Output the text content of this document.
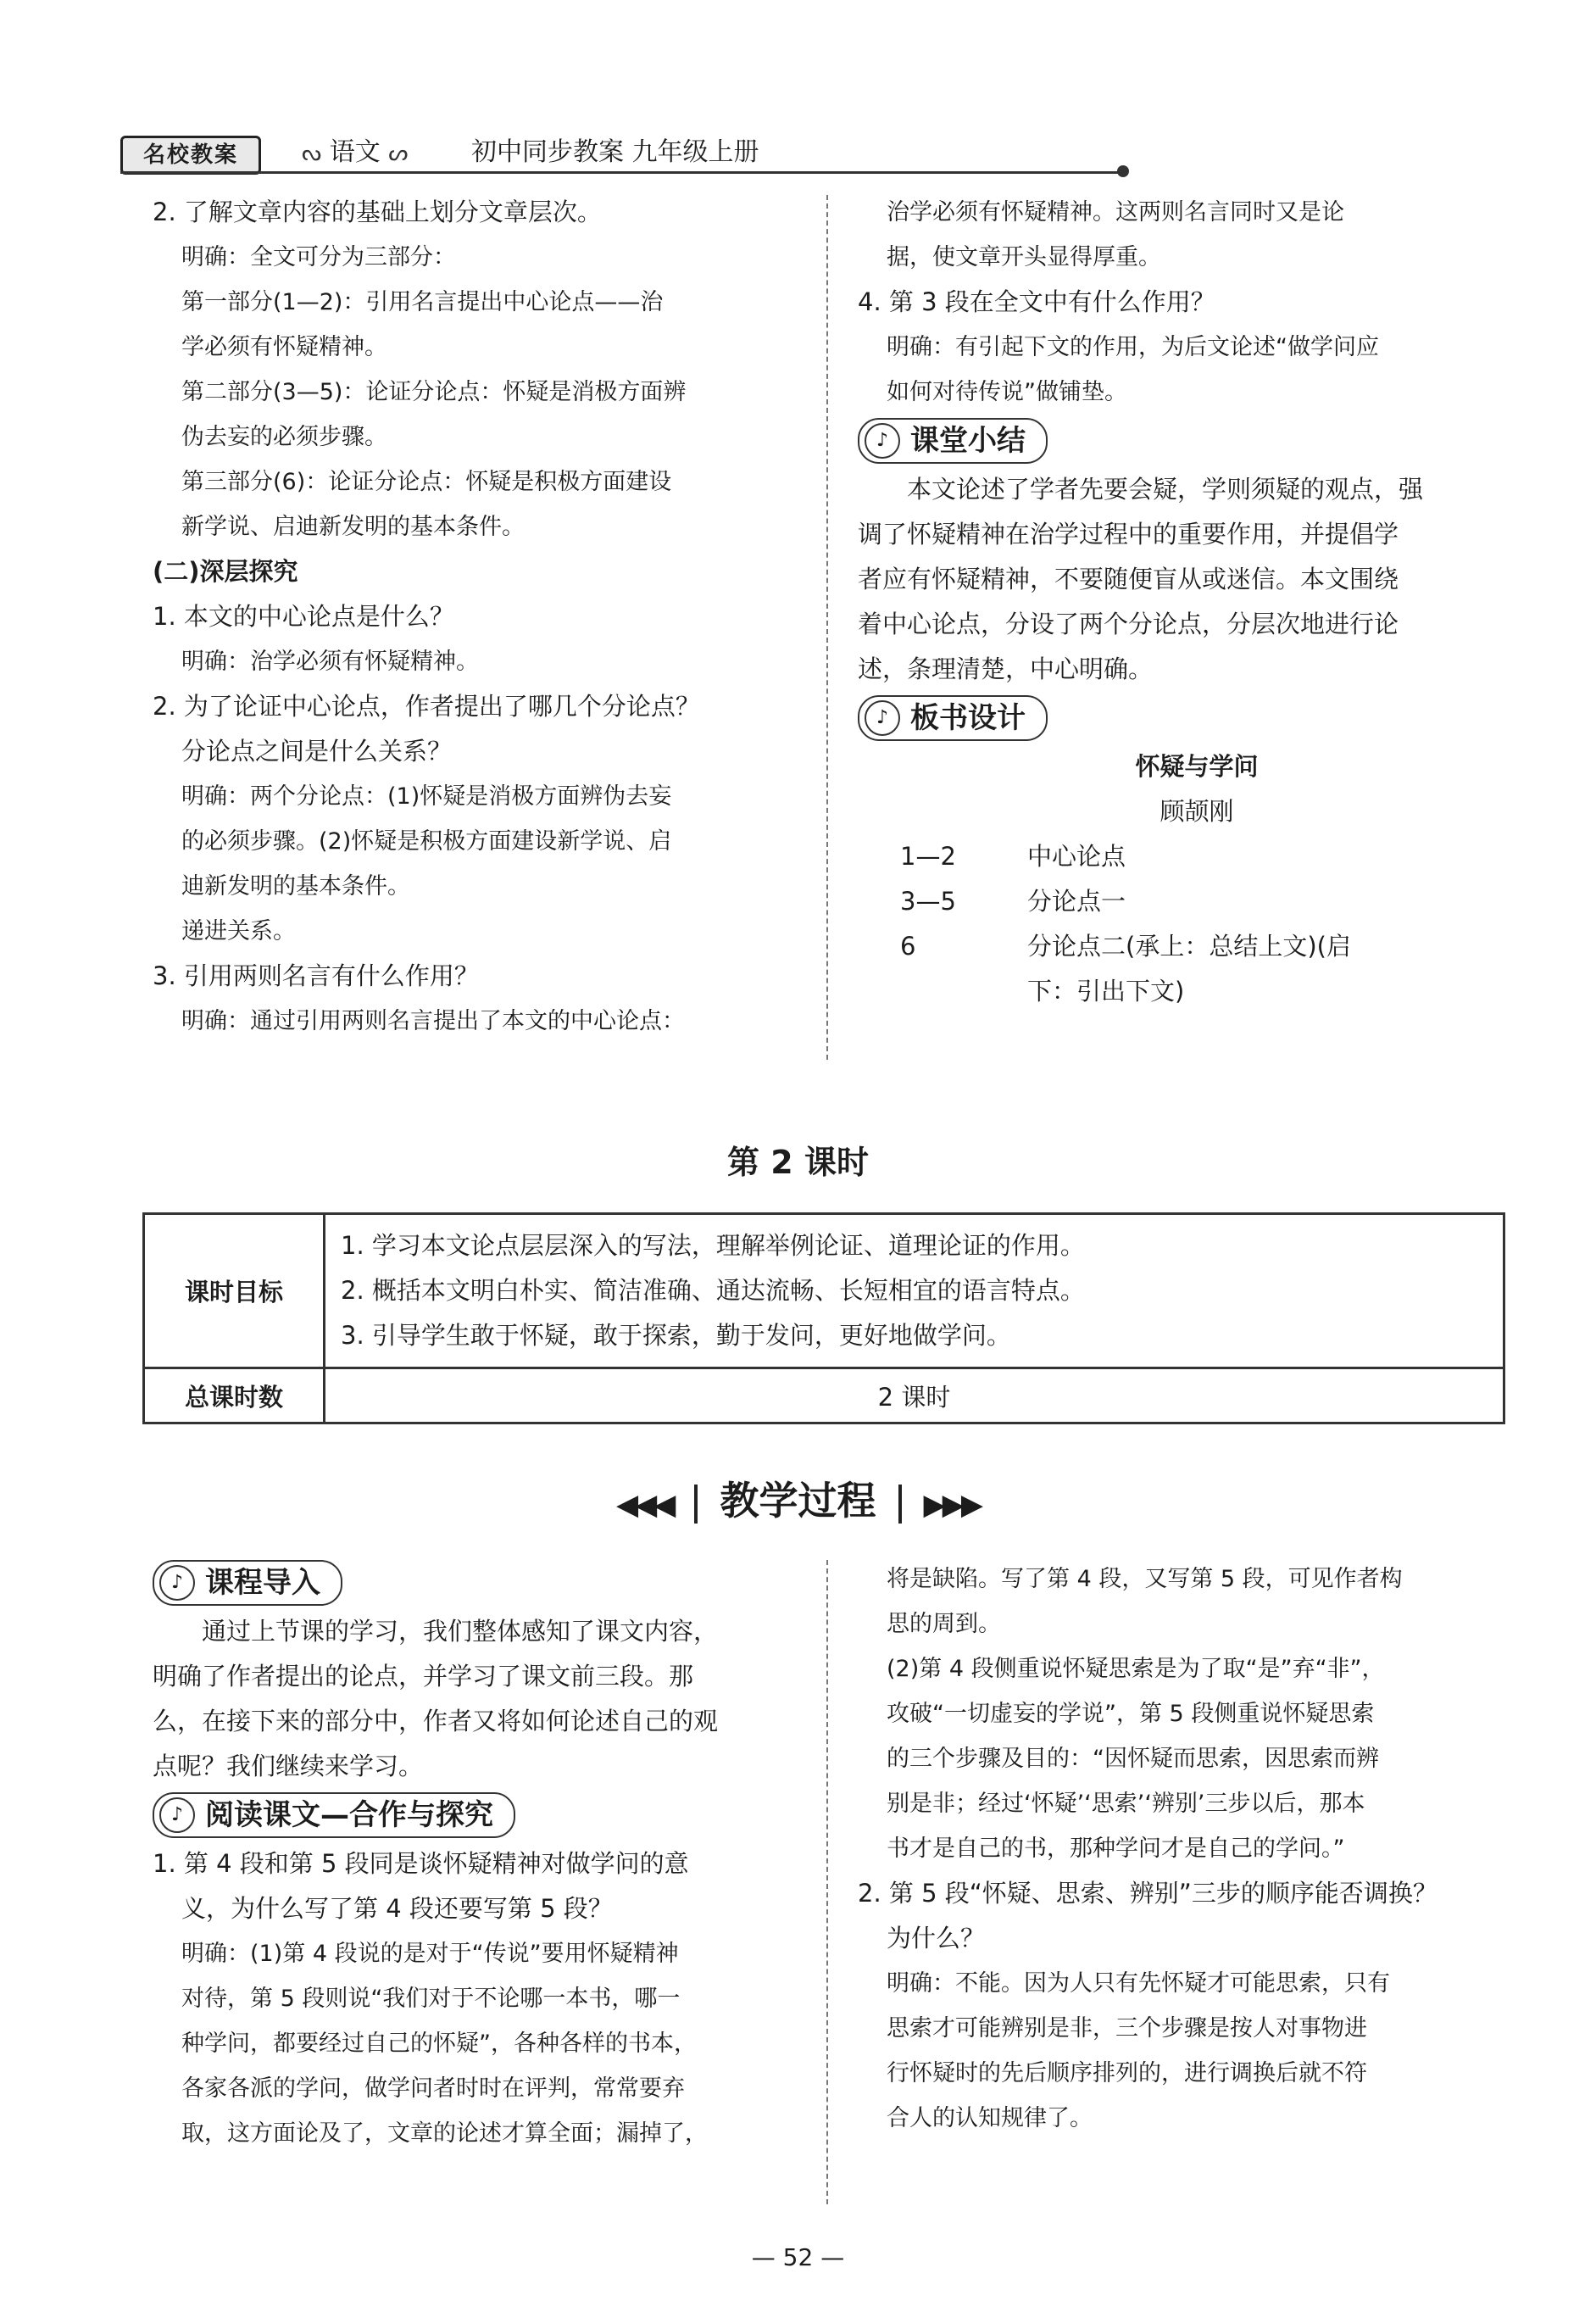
名校教案	ᔓ 语文 ᔕ 初中同步教案 九年级上册

2. 了解文章内容的基础上划分文章层次。

明确：全文可分为三部分：

第一部分(1—2)：引用名言提出中心论点——治

学必须有怀疑精神。

第二部分(3—5)：论证分论点：怀疑是消极方面辨

伪去妄的必须步骤。

第三部分(6)：论证分论点：怀疑是积极方面建设

新学说、启迪新发明的基本条件。

(二)深层探究

1. 本文的中心论点是什么？

明确：治学必须有怀疑精神。

2. 为了论证中心论点，作者提出了哪几个分论点？

分论点之间是什么关系？

明确：两个分论点：(1)怀疑是消极方面辨伪去妄

的必须步骤。(2)怀疑是积极方面建设新学说、启

迪新发明的基本条件。

递进关系。

3. 引用两则名言有什么作用？

明确：通过引用两则名言提出了本文的中心论点：

治学必须有怀疑精神。这两则名言同时又是论

据，使文章开头显得厚重。

4. 第 3 段在全文中有什么作用？

明确：有引起下文的作用，为后文论述“做学问应

如何对待传说”做铺垫。

♪ 课堂小结

本文论述了学者先要会疑，学则须疑的观点，强

调了怀疑精神在治学过程中的重要作用，并提倡学

者应有怀疑精神，不要随便盲从或迷信。本文围绕

着中心论点，分设了两个分论点，分层次地进行论

述，条理清楚，中心明确。

♪ 板书设计

怀疑与学问

顾颉刚

1—2	中心论点
3—5	分论点一
6	分论点二(承上：总结上文)(启

下：引出下文)

第 2 课时
课时目标	1. 学习本文论点层层深入的写法，理解举例论证、道理论证的作用。
2. 概括本文明白朴实、简洁准确、通达流畅、长短相宜的语言特点。
3. 引导学生敢于怀疑，敢于探索，勤于发问，更好地做学问。

总课时数	2 课时
◀◀◀ 教学过程 ▶▶▶
♪ 课程导入

通过上节课的学习，我们整体感知了课文内容，

明确了作者提出的论点，并学习了课文前三段。那

么，在接下来的部分中，作者又将如何论述自己的观

点呢？我们继续来学习。

♪ 阅读课文—合作与探究

1. 第 4 段和第 5 段同是谈怀疑精神对做学问的意

义，为什么写了第 4 段还要写第 5 段？

明确：(1)第 4 段说的是对于“传说”要用怀疑精神

对待，第 5 段则说“我们对于不论哪一本书，哪一

种学问，都要经过自己的怀疑”，各种各样的书本，

各家各派的学问，做学问者时时在评判，常常要弃

取，这方面论及了，文章的论述才算全面；漏掉了，

将是缺陷。写了第 4 段，又写第 5 段，可见作者构

思的周到。

(2)第 4 段侧重说怀疑思索是为了取“是”弃“非”，

攻破“一切虚妄的学说”，第 5 段侧重说怀疑思索

的三个步骤及目的：“因怀疑而思索，因思索而辨

别是非；经过‘怀疑’‘思索’‘辨别’三步以后，那本

书才是自己的书，那种学问才是自己的学问。”

2. 第 5 段“怀疑、思索、辨别”三步的顺序能否调换？

为什么？

明确：不能。因为人只有先怀疑才可能思索，只有

思索才可能辨别是非，三个步骤是按人对事物进

行怀疑时的先后顺序排列的，进行调换后就不符

合人的认知规律了。

— 52 —
